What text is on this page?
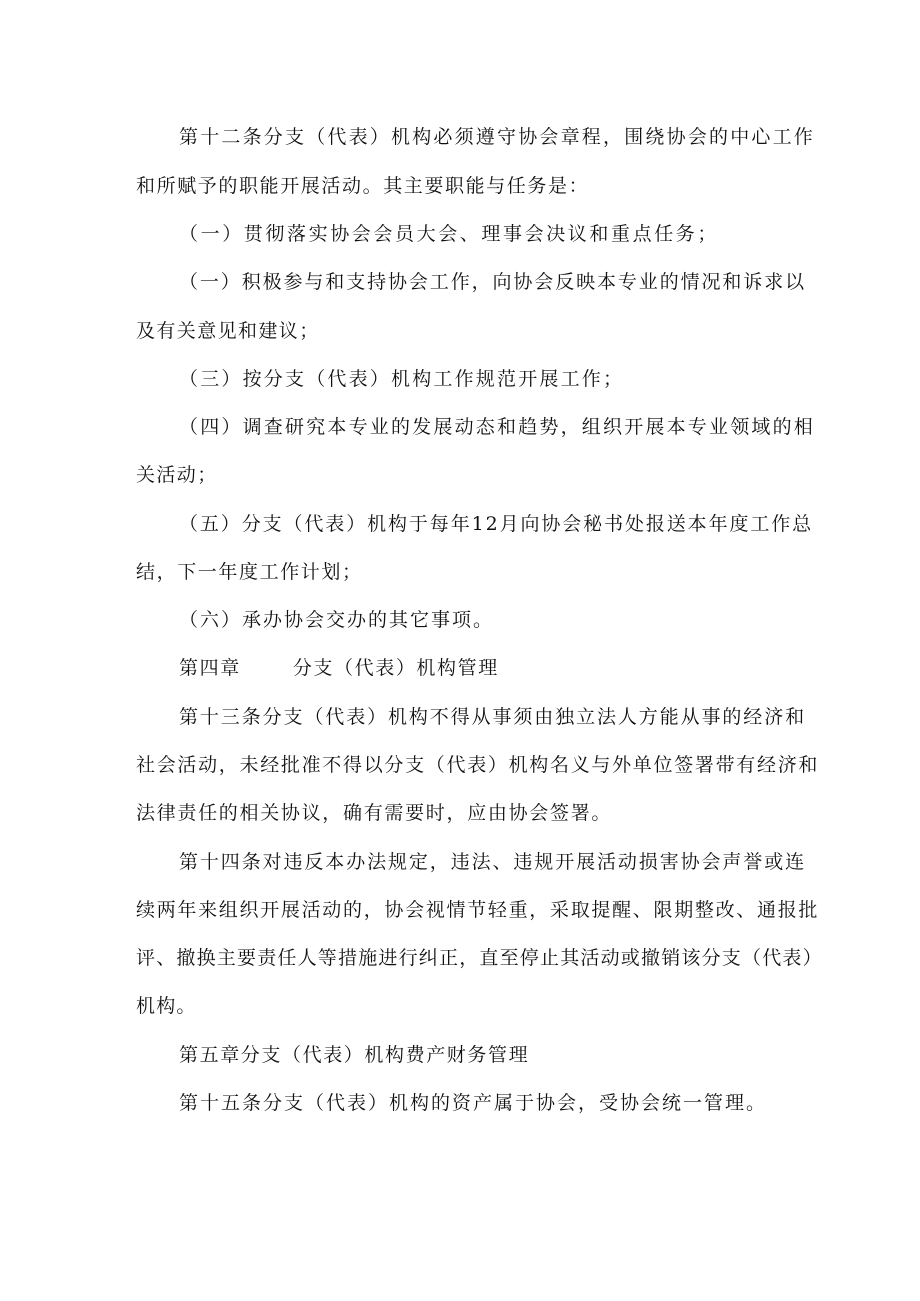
第十二条分支（代表）机构必须遵守协会章程，围绕协会的中心工作
和所赋予的职能开展活动。其主要职能与任务是：
（一）贯彻落实协会会员大会、理事会决议和重点任务；
（一）积极参与和支持协会工作，向协会反映本专业的情况和诉求以
及有关意见和建议；
（三）按分支（代表）机构工作规范开展工作；
（四）调查研究本专业的发展动态和趋势，组织开展本专业领域的相
关活动；
（五）分支（代表）机构于每年12月向协会秘书处报送本年度工作总
结，下一年度工作计划；
（六）承办协会交办的其它事项。
第四章	分支（代表）机构管理
第十三条分支（代表）机构不得从事须由独立法人方能从事的经济和
社会活动，未经批准不得以分支（代表）机构名义与外单位签署带有经济和
法律责任的相关协议，确有需要时，应由协会签署。
第十四条对违反本办法规定，违法、违规开展活动损害协会声誉或连
续两年来组织开展活动的，协会视情节轻重，采取提醒、限期整改、通报批
评、撤换主要责任人等措施进行纠正，直至停止其活动或撤销该分支（代表）
机构。
第五章分支（代表）机构费产财务管理
第十五条分支（代表）机构的资产属于协会，受协会统一管理。
